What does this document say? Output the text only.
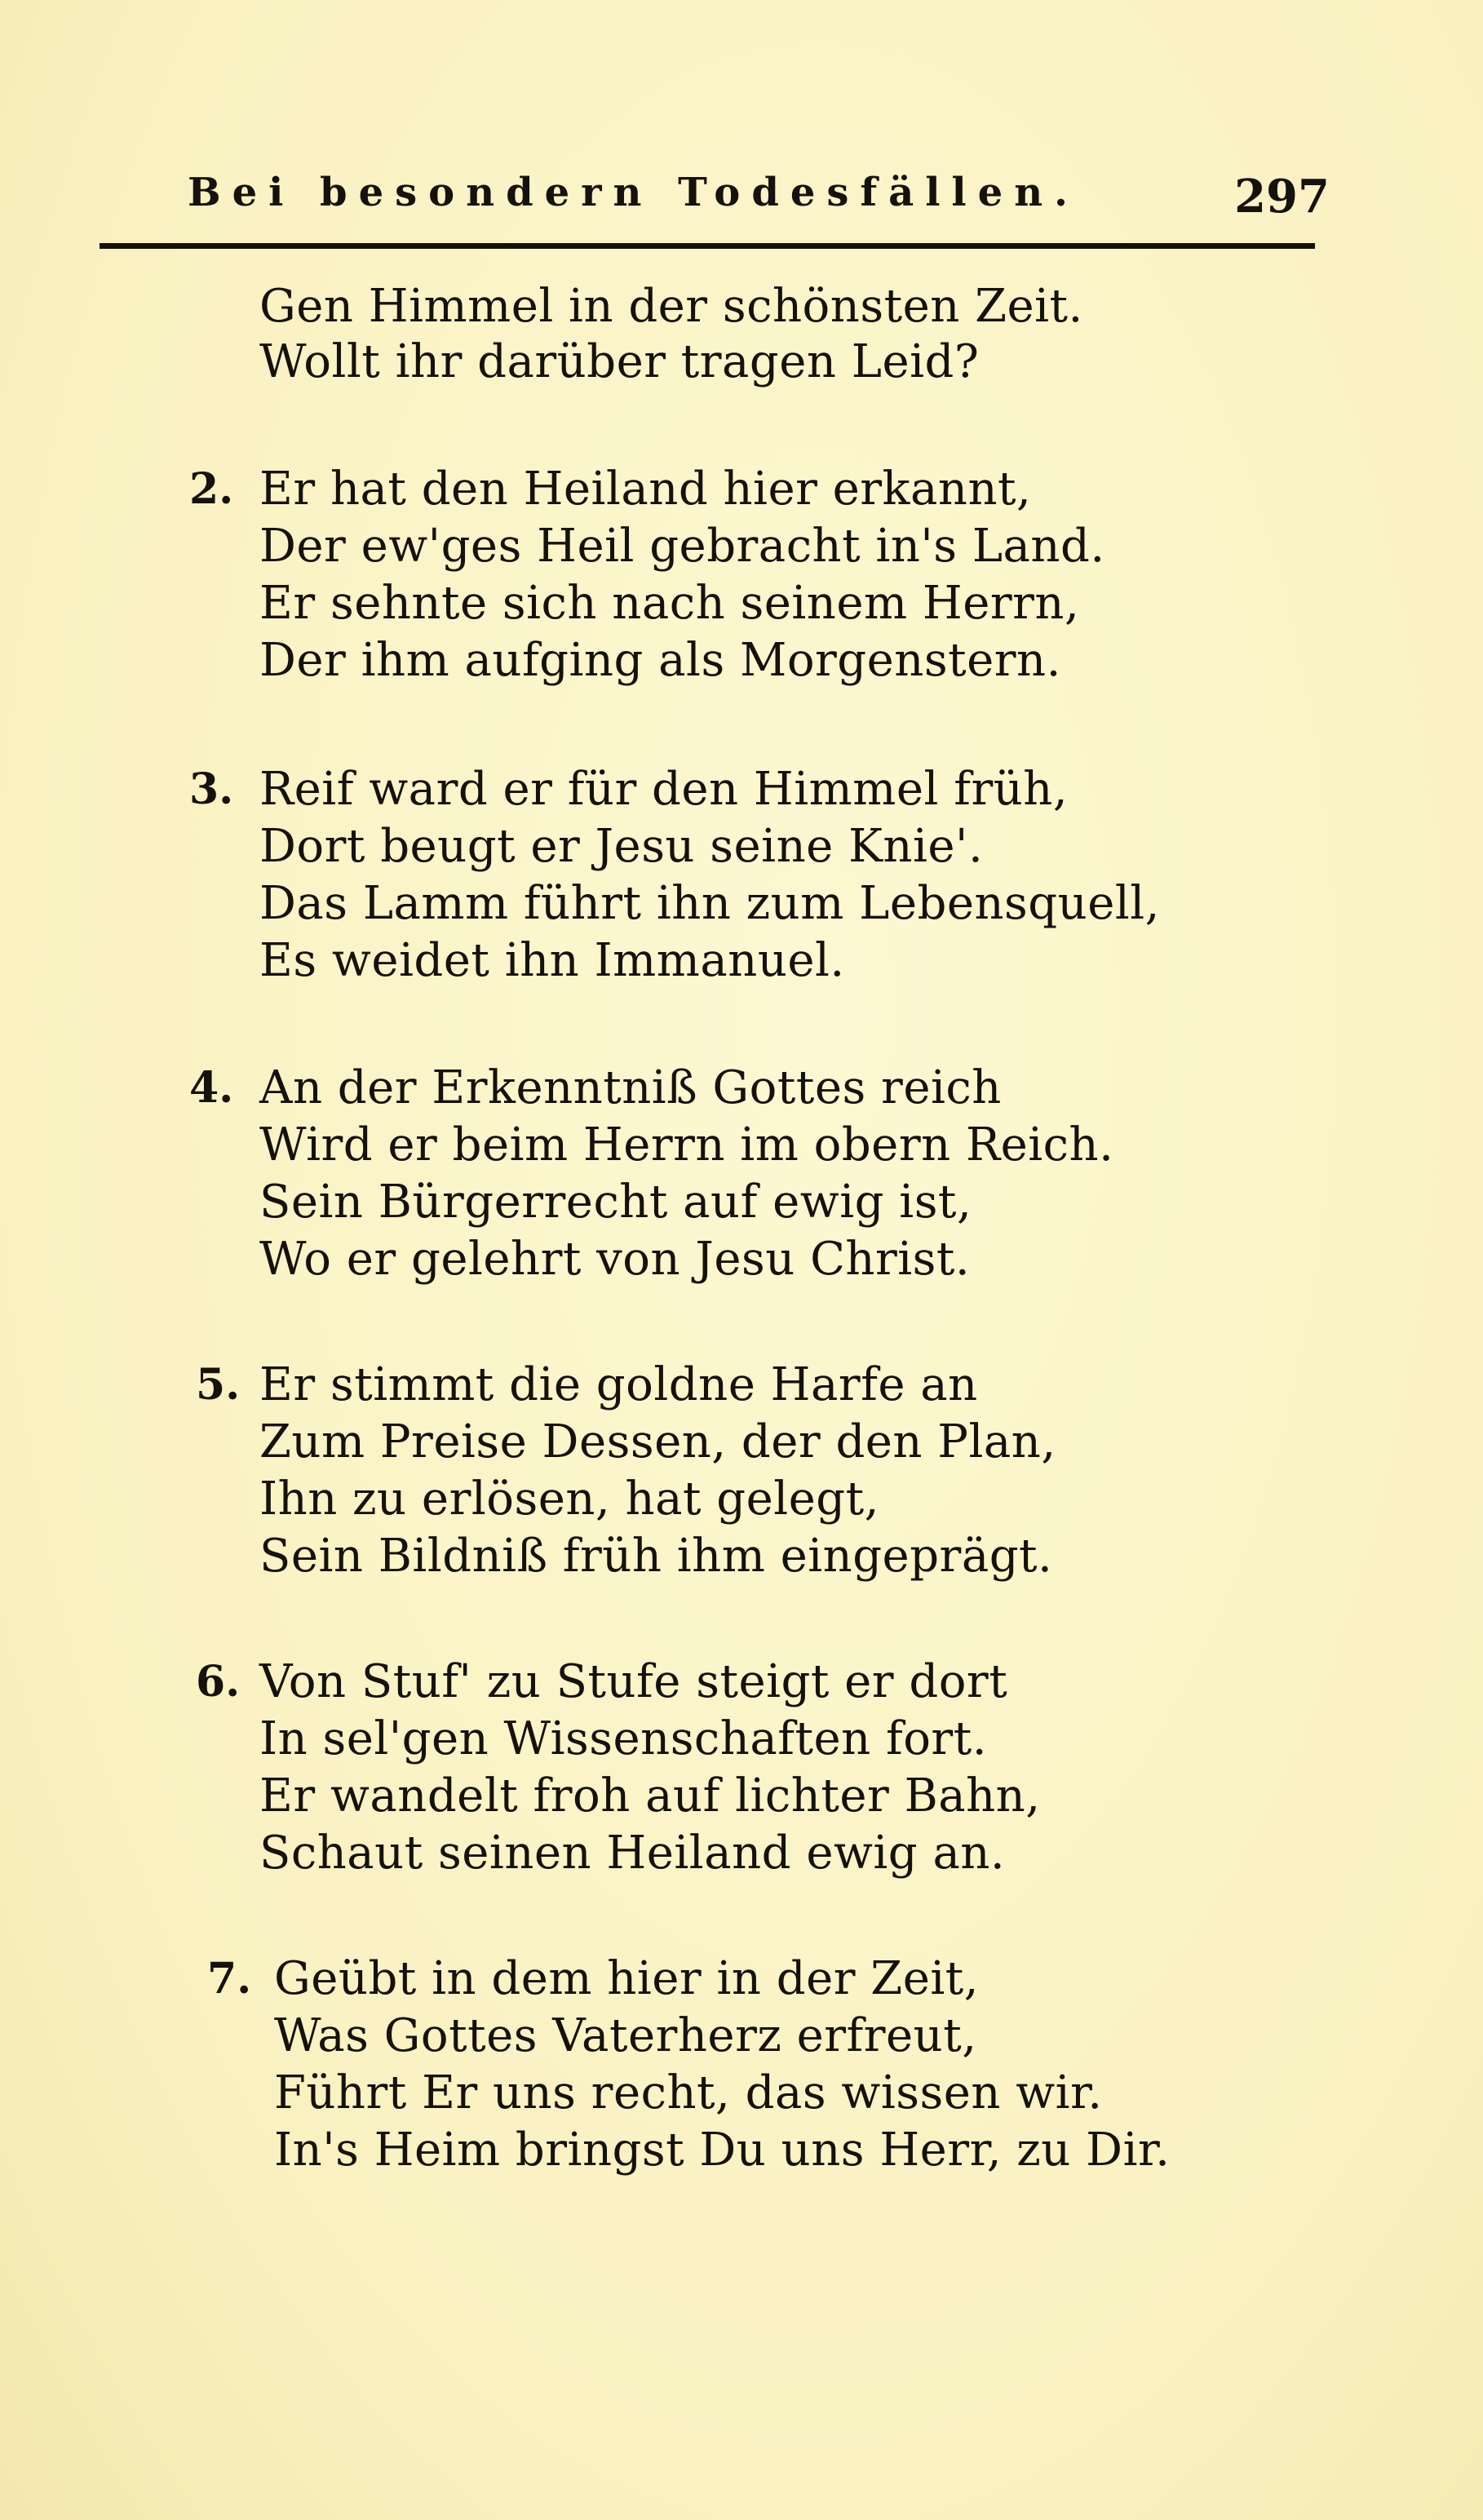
Bei besondern Todesfällen.	297
Gen Himmel in der schönsten Zeit.
Wollt ihr darüber tragen Leid?
2. Er hat den Heiland hier erkannt,
Der ew'ges Heil gebracht in's Land.
Er sehnte sich nach seinem Herrn,
Der ihm aufging als Morgenstern.
3. Reif ward er für den Himmel früh,
Dort beugt er Jesu seine Knie'.
Das Lamm führt ihn zum Lebensquell,
Es weidet ihn Immanuel.
4. An der Erkenntniß Gottes reich
Wird er beim Herrn im obern Reich.
Sein Bürgerrecht auf ewig ist,
Wo er gelehrt von Jesu Christ.
5. Er stimmt die goldne Harfe an
Zum Preise Dessen, der den Plan,
Ihn zu erlösen, hat gelegt,
Sein Bildniß früh ihm eingeprägt.
6. Von Stuf' zu Stufe steigt er dort
In sel'gen Wissenschaften fort.
Er wandelt froh auf lichter Bahn,
Schaut seinen Heiland ewig an.
7. Geübt in dem hier in der Zeit,
Was Gottes Vaterherz erfreut,
Führt Er uns recht, das wissen wir.
In's Heim bringst Du uns Herr, zu Dir.
